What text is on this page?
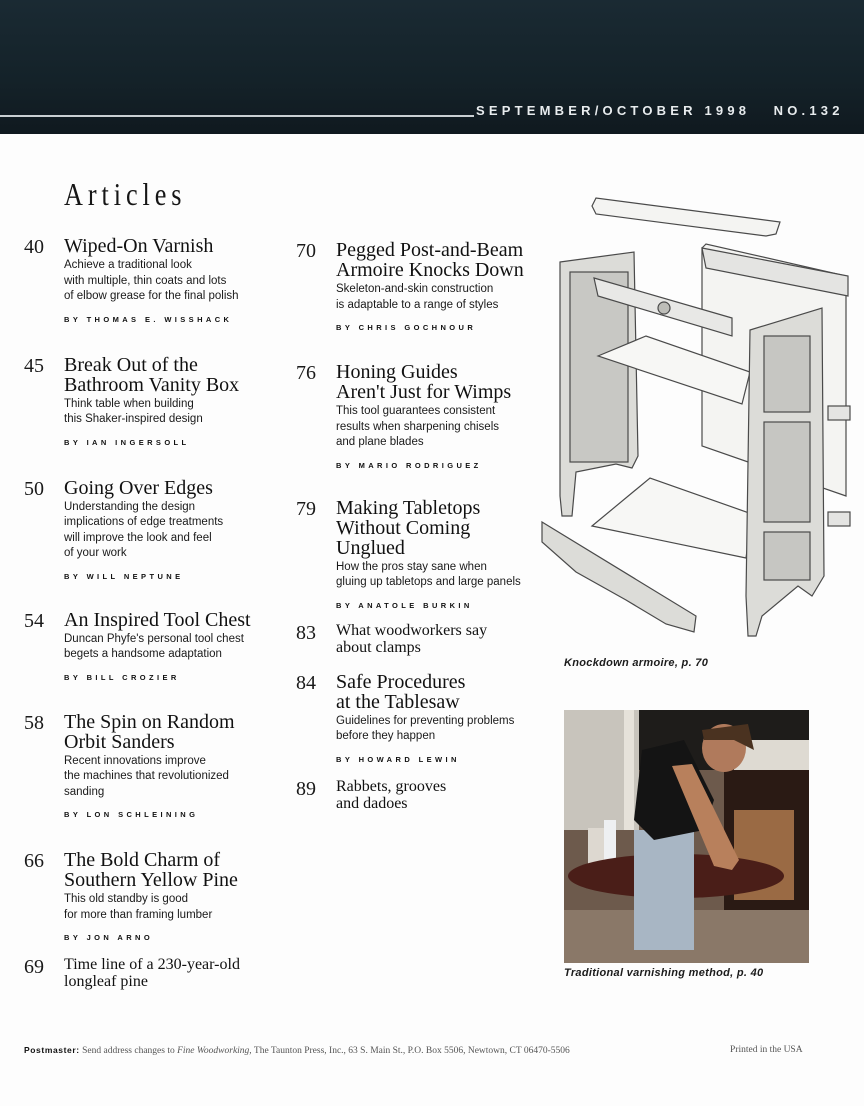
SEPTEMBER/OCTOBER 1998   NO.132
Articles
40 Wiped-On Varnish
Achieve a traditional look
with multiple, thin coats and lots
of elbow grease for the final polish
BY THOMAS E. WISSHACK
45 Break Out of the
Bathroom Vanity Box
Think table when building
this Shaker-inspired design
BY IAN INGERSOLL
50 Going Over Edges
Understanding the design
implications of edge treatments
will improve the look and feel
of your work
BY WILL NEPTUNE
54 An Inspired Tool Chest
Duncan Phyfe's personal tool chest
begets a handsome adaptation
BY BILL CROZIER
58 The Spin on Random
Orbit Sanders
Recent innovations improve
the machines that revolutionized
sanding
BY LON SCHLEINING
66 The Bold Charm of
Southern Yellow Pine
This old standby is good
for more than framing lumber
BY JON ARNO
69 Time line of a 230-year-old
longleaf pine
70 Pegged Post-and-Beam
Armoire Knocks Down
Skeleton-and-skin construction
is adaptable to a range of styles
BY CHRIS GOCHNOUR
76 Honing Guides
Aren't Just for Wimps
This tool guarantees consistent
results when sharpening chisels
and plane blades
BY MARIO RODRIGUEZ
79 Making Tabletops
Without Coming
Unglued
How the pros stay sane when
gluing up tabletops and large panels
BY ANATOLE BURKIN
83 What woodworkers say
about clamps
84 Safe Procedures
at the Tablesaw
Guidelines for preventing problems
before they happen
BY HOWARD LEWIN
89 Rabbets, grooves
and dadoes
Knockdown armoire, p. 70
Traditional varnishing method, p. 40
Postmaster: Send address changes to Fine Woodworking, The Taunton Press, Inc., 63 S. Main St., P.O. Box 5506, Newtown, CT 06470-5506	Printed in the USA
